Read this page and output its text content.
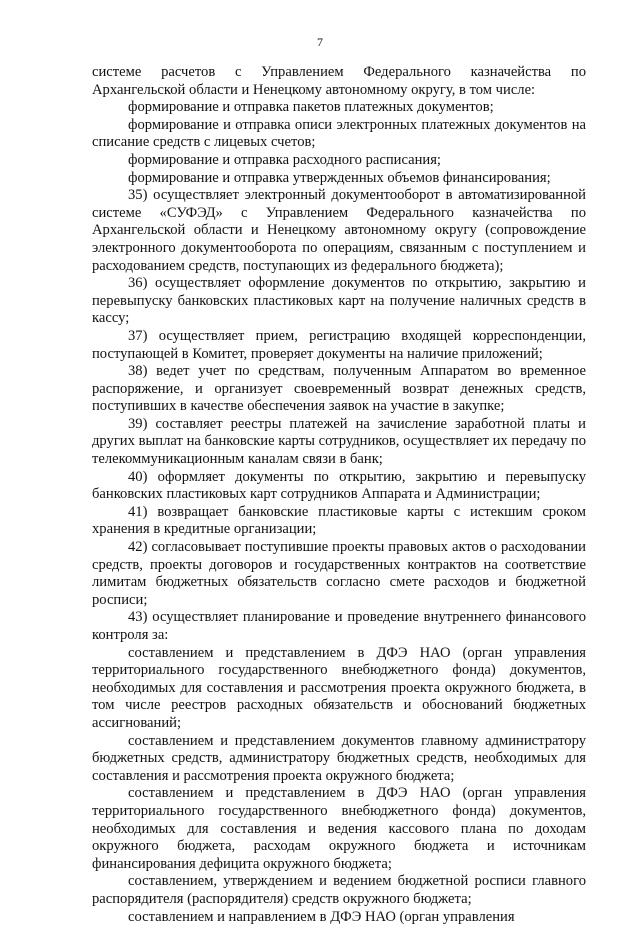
7

системе расчетов с Управлением Федерального казначейства по Архангельской области и Ненецкому автономному округу, в том числе:

формирование и отправка пакетов платежных документов;

формирование и отправка описи электронных платежных документов на списание средств с лицевых счетов;

формирование и отправка расходного расписания;

формирование и отправка утвержденных объемов финансирования;

35) осуществляет электронный документооборот в автоматизированной системе «СУФЭД» с Управлением Федерального казначейства по Архангельской области и Ненецкому автономному округу (сопровождение электронного документооборота по операциям, связанным с поступлением и расходованием средств, поступающих из федерального бюджета);

36) осуществляет оформление документов по открытию, закрытию и перевыпуску банковских пластиковых карт на получение наличных средств в кассу;

37) осуществляет прием, регистрацию входящей корреспонденции, поступающей в Комитет, проверяет документы на наличие приложений;

38) ведет учет по средствам, полученным Аппаратом во временное распоряжение, и организует своевременный возврат денежных средств, поступивших в качестве обеспечения заявок на участие в закупке;

39) составляет реестры платежей на зачисление заработной платы и других выплат на банковские карты сотрудников, осуществляет их передачу по телекоммуникационным каналам связи в банк;

40) оформляет документы по открытию, закрытию и перевыпуску банковских пластиковых карт сотрудников Аппарата и Администрации;

41) возвращает банковские пластиковые карты с истекшим сроком хранения в кредитные организации;

42) согласовывает поступившие проекты правовых актов о расходовании средств, проекты договоров и государственных контрактов на соответствие лимитам бюджетных обязательств согласно смете расходов и бюджетной росписи;

43) осуществляет планирование и проведение внутреннего финансового контроля за:

составлением и представлением в ДФЭ НАО (орган управления территориального государственного внебюджетного фонда) документов, необходимых для составления и рассмотрения проекта окружного бюджета, в том числе реестров расходных обязательств и обоснований бюджетных ассигнований;

составлением и представлением документов главному администратору бюджетных средств, администратору бюджетных средств, необходимых для составления и рассмотрения проекта окружного бюджета;

составлением и представлением в ДФЭ НАО (орган управления территориального государственного внебюджетного фонда) документов, необходимых для составления и ведения кассового плана по доходам окружного бюджета, расходам окружного бюджета и источникам финансирования дефицита окружного бюджета;

составлением, утверждением и ведением бюджетной росписи главного распорядителя (распорядителя) средств окружного бюджета;

составлением и направлением в ДФЭ НАО (орган управления
